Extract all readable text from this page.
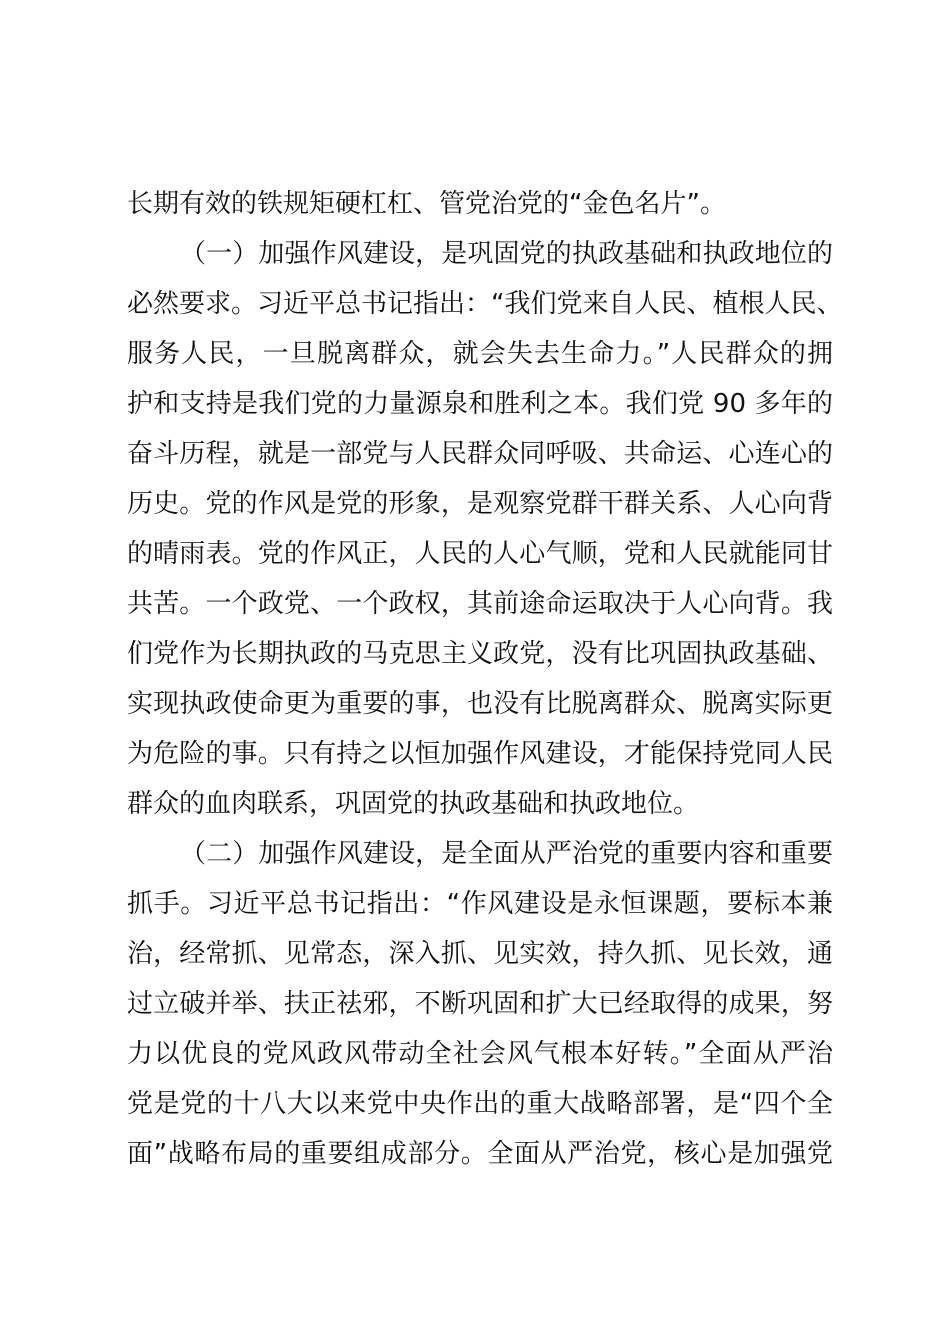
长期有效的铁规矩硬杠杠、管党治党的“金色名片”。
（一）加强作风建设，是巩固党的执政基础和执政地位的
必然要求。习近平总书记指出：“我们党来自人民、植根人民、
服务人民，一旦脱离群众，就会失去生命力。”人民群众的拥
护和支持是我们党的力量源泉和胜利之本。我们党 90 多年的
奋斗历程，就是一部党与人民群众同呼吸、共命运、心连心的
历史。党的作风是党的形象，是观察党群干群关系、人心向背
的晴雨表。党的作风正，人民的人心气顺，党和人民就能同甘
共苦。一个政党、一个政权，其前途命运取决于人心向背。我
们党作为长期执政的马克思主义政党，没有比巩固执政基础、
实现执政使命更为重要的事，也没有比脱离群众、脱离实际更
为危险的事。只有持之以恒加强作风建设，才能保持党同人民
群众的血肉联系，巩固党的执政基础和执政地位。
（二）加强作风建设，是全面从严治党的重要内容和重要
抓手。习近平总书记指出：“作风建设是永恒课题，要标本兼
治，经常抓、见常态，深入抓、见实效，持久抓、见长效，通
过立破并举、扶正祛邪，不断巩固和扩大已经取得的成果，努
力以优良的党风政风带动全社会风气根本好转。”全面从严治
党是党的十八大以来党中央作出的重大战略部署，是“四个全
面”战略布局的重要组成部分。全面从严治党，核心是加强党
